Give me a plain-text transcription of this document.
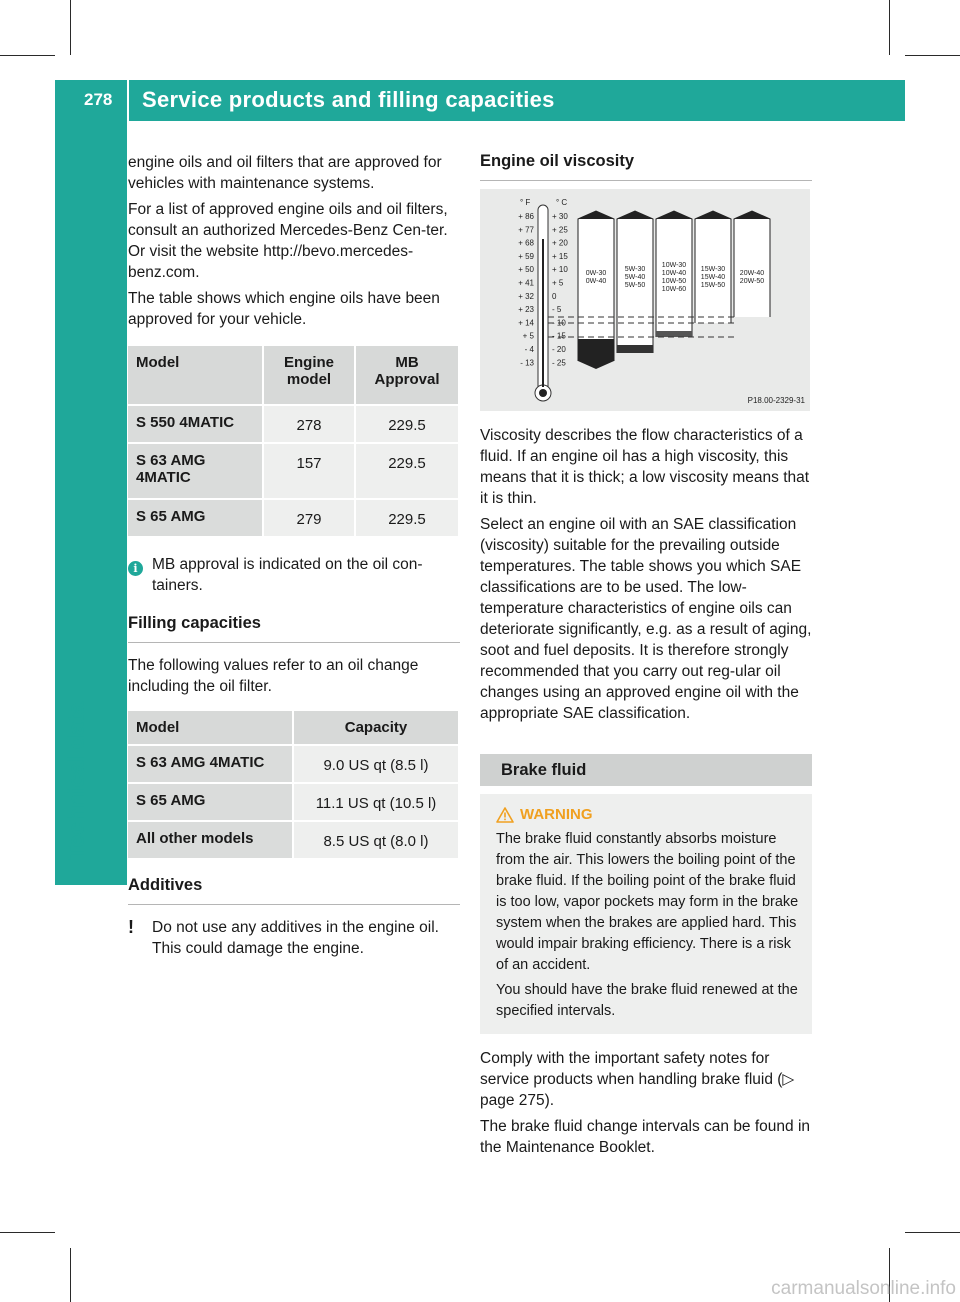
278 Service products and filling capacities

engine oils and oil filters that are approved for vehicles with maintenance systems.

For a list of approved engine oils and oil filters, consult an authorized Mercedes-Benz Cen-ter. Or visit the website http://bevo.mercedes-benz.com.

The table shows which engine oils have been approved for your vehicle.

Model	Engine model	MB Approval
S 550 4MATIC	278	229.5
S 63 AMG 4MATIC	157	229.5
S 65 AMG	279	229.5
i MB approval is indicated on the oil con-tainers.
Filling capacities

The following values refer to an oil change including the oil filter.

Model	Capacity
S 63 AMG 4MATIC	9.0 US qt (8.5 l)
S 65 AMG	11.1 US qt (10.5 l)
All other models	8.5 US qt (8.0 l)
Additives
!	Do not use any additives in the engine oil. This could damage the engine.
Engine oil viscosity
° F	° C
+ 86 + 30
+ 77 + 25
+ 68 + 20
+ 59 + 15
+ 50 + 10
+ 41 + 5
+ 32 0
+ 23 - 5
+ 14 - 10
+ 5 - 15
- 4 - 20
- 13 - 25
0W-30 0W-40
5W-30 5W-40 5W-50
10W-30 10W-40 10W-50 10W-60
15W-30 15W-40 15W-50
20W-40 20W-50
P18.00-2329-31

Viscosity describes the flow characteristics of a fluid. If an engine oil has a high viscosity, this means that it is thick; a low viscosity means that it is thin.

Select an engine oil with an SAE classification (viscosity) suitable for the prevailing outside temperatures. The table shows you which SAE classifications are to be used. The low-temperature characteristics of engine oils can deteriorate significantly, e.g. as a result of aging, soot and fuel deposits. It is therefore strongly recommended that you carry out reg-ular oil changes using an approved engine oil with the appropriate SAE classification.

Brake fluid
WARNING

The brake fluid constantly absorbs moisture from the air. This lowers the boiling point of the brake fluid. If the boiling point of the brake fluid is too low, vapor pockets may form in the brake system when the brakes are applied hard. This would impair braking efficiency. There is a risk of an accident.

You should have the brake fluid renewed at the specified intervals.

Comply with the important safety notes for service products when handling brake fluid (▷ page 275).

The brake fluid change intervals can be found in the Maintenance Booklet.

carmanualsonline.info
